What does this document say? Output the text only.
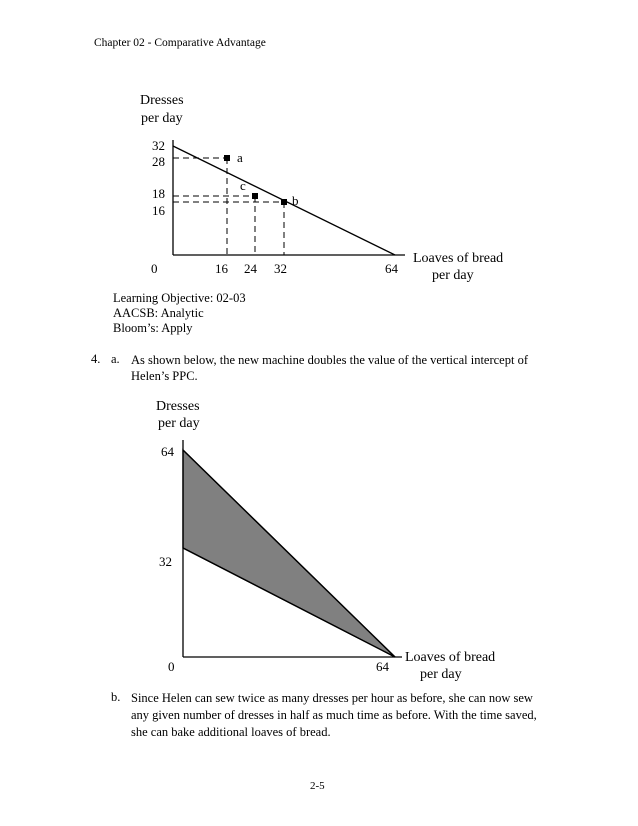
Chapter 02 - Comparative Advantage
a
c
b
Dresses
per day
Loaves of bread
per day
32
28
18
16
0	16 24 32	64
Learning Objective: 02-03
AACSB: Analytic
Bloom’s: Apply
4. a. As shown below, the new machine doubles the value of the vertical intercept of Helen’s PPC.
Dresses
per day
64
32
0	64
Loaves of bread
per day
b. Since Helen can sew twice as many dresses per hour as before, she can now sew any given number of dresses in half as much time as before. With the time saved, she can bake additional loaves of bread.
2-5
